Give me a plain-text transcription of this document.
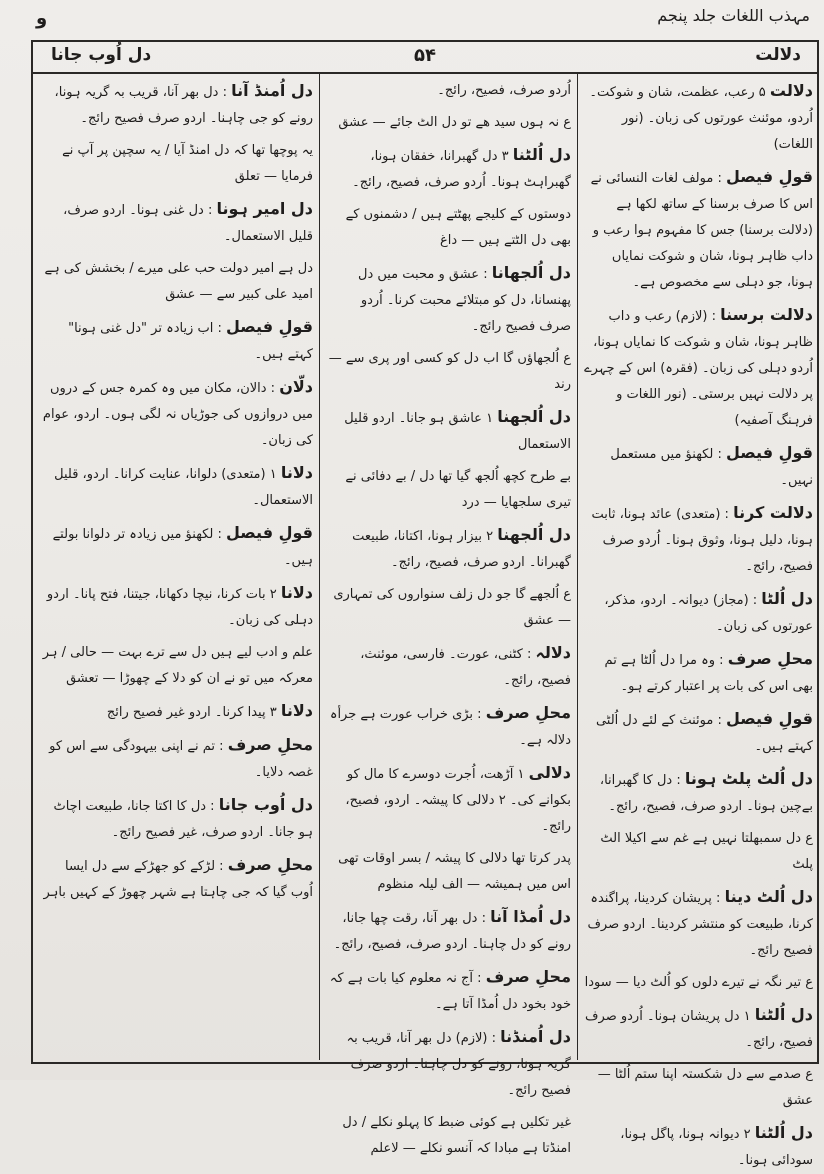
مہذب اللغات جلد پنجم
و
دلالت
۵۴
دل اُوب جانا

دلالت ۵ رعب، عظمت، شان و شوکت۔ اُردو، موئنث عورتوں کی زبان۔ (نور اللغات)

قولِ فیصل : مولف لغات النسائی نے اس کا صرف برسنا کے ساتھ لکھا ہے (دلالت برسنا) جس کا مفہوم ہوا رعب و داب ظاہر ہونا، شان و شوکت نمایاں ہونا، جو دہلی سے مخصوص ہے۔

دلالت برسنا : (لازم) رعب و داب ظاہر ہونا، شان و شوکت کا نمایاں ہونا، اُردو دہلی کی زبان۔ (فقرہ) اس کے چہرے پر دلالت نہیں برستی۔ (نور اللغات و فرہنگ آصفیہ)

قولِ فیصل : لکھنؤ میں مستعمل نہیں۔

دلالت کرنا : (متعدی) عائد ہونا، ثابت ہونا، دلیل ہونا، وثوق ہونا۔ اُردو صرف فصیح، رائج۔

دل اُلٹا : (مجاز) دیوانہ۔ اردو، مذکر، عورتوں کی زبان۔

محلِ صرف : وہ مرا دل اُلٹا ہے تم بھی اس کی بات پر اعتبار کرتے ہو۔

قولِ فیصل : موئنث کے لئے دل اُلٹی کہتے ہیں۔

دل اُلٹ پلٹ ہونا : دل کا گھبرانا، بےچین ہونا۔ اردو صرف، فصیح، رائج۔

ع دل سمبھلتا نہیں ہے غم سے اکیلا الٹ پلٹ

دل اُلٹ دینا : پریشان کردینا، پراگندہ کرنا، طبیعت کو منتشر کردینا۔ اردو صرف فصیح رائج۔

ع تیر نگہ نے تیرے دلوں کو اُلٹ دیا — سودا

دل اُلٹنا ۱ دل پریشان ہونا۔ اُردو صرف فصیح، رائج۔

ع صدمے سے دل شکستہ اپنا ستم اُلٹا — عشق

دل اُلٹنا ۲ دیوانہ ہونا، پاگل ہونا، سودائی ہونا۔

اُردو صرف، فصیح، رائج۔

ع نہ ہوں سید ھے تو دل الٹ جائے — عشق

دل اُلٹنا ۳ دل گھبرانا، خفقان ہونا، گھبراہٹ ہونا۔ اُردو صرف، فصیح، رائج۔

دوستوں کے کلیجے پھٹتے ہیں / دشمنوں کے بھی دل الٹتے ہیں — داغ

دل اُلجھانا : عشق و محبت میں دل پھنسانا، دل کو مبتلائے محبت کرنا۔ اُردو صرف فصیح رائج۔

ع اُلجھاؤں گا اب دل کو کسی اور پری سے — رند

دل اُلجھنا ۱ عاشق ہو جانا۔ اردو قلیل الاستعمال

بے طرح کچھ اُلجھ گیا تھا دل / بے دفائی نے تیری سلجھایا — درد

دل اُلجھنا ۲ بیزار ہونا، اکتانا، طبیعت گھبرانا۔ اردو صرف، فصیح، رائج۔

ع اُلجھے گا جو دل زلف سنواروں کی تمہاری — عشق

دلالہ : کٹنی، عورت۔ فارسی، موئنث، فصیح، رائج۔

محلِ صرف : بڑی خراب عورت ہے جرأہ دلالہ ہے۔

دلالی ۱ آڑھت، اُجرت دوسرے کا مال کو بکوانے کی۔ ۲ دلالی کا پیشہ۔ اردو، فصیح، رائج۔

پدر کرتا تھا دلالی کا پیشہ / بسر اوقات تھی اس میں ہمیشہ — الف لیلہ منظوم

دل اُمڈا آنا : دل بھر آنا، رقت چھا جانا، رونے کو دل چاہنا۔ اردو صرف، فصیح، رائج۔

محلِ صرف : آج نہ معلوم کیا بات ہے کہ خود بخود دل اُمڈا آتا ہے۔

دل اُمنڈنا : (لازم) دل بھر آنا، قریب بہ گریہ ہونا، رونے کو دل چاہنا۔ اردو صرف فصیح رائج۔

غیر تکلیں ہے کوئی ضبط کا پہلو نکلے / دل امنڈتا ہے مبادا کہ آنسو نکلے — لاعلم

دل اُمنڈ آنا : دل بھر آنا، قریب بہ گریہ ہونا، رونے کو جی چاہنا۔ اردو صرف فصیح رائج۔

یہ پوچھا تھا کہ دل امنڈ آیا / یہ سچپن پر آپ نے فرمایا — تعلق

دل امیر ہونا : دل غنی ہونا۔ اردو صرف، قلیل الاستعمال۔

دل ہے امیر دولت حب علی میرے / بخشش کی ہے امید علی کبیر سے — عشق

قولِ فیصل : اب زیادہ تر "دل غنی ہونا" کہتے ہیں۔

دلّان : دالان، مکان میں وہ کمرہ جس کے دروں میں دروازوں کی جوڑیاں نہ لگی ہوں۔ اردو، عوام کی زبان۔

دلانا ۱ (متعدی) دلوانا، عنایت کرانا۔ اردو، قلیل الاستعمال۔

قولِ فیصل : لکھنؤ میں زیادہ تر دلوانا بولتے ہیں۔

دلانا ۲ بات کرنا، نیچا دکھانا، جیتنا، فتح پانا۔ اردو دہلی کی زبان۔

علم و ادب لیے ہیں دل سے ترے بہت — حالی / ہر معرکہ میں تو نے ان کو دلا کے چھوڑا — تعشق

دلانا ۳ پیدا کرنا۔ اردو غیر فصیح رائج

محلِ صرف : تم نے اپنی بیہودگی سے اس کو غصہ دلایا۔

دل اُوب جانا : دل کا اکتا جانا، طبیعت اچاٹ ہو جانا۔ اردو صرف، غیر فصیح رائج۔

محلِ صرف : لڑکے کو جھڑکے سے دل ایسا اُوب گیا کہ جی چاہتا ہے شہر چھوڑ کے کہیں باہر
